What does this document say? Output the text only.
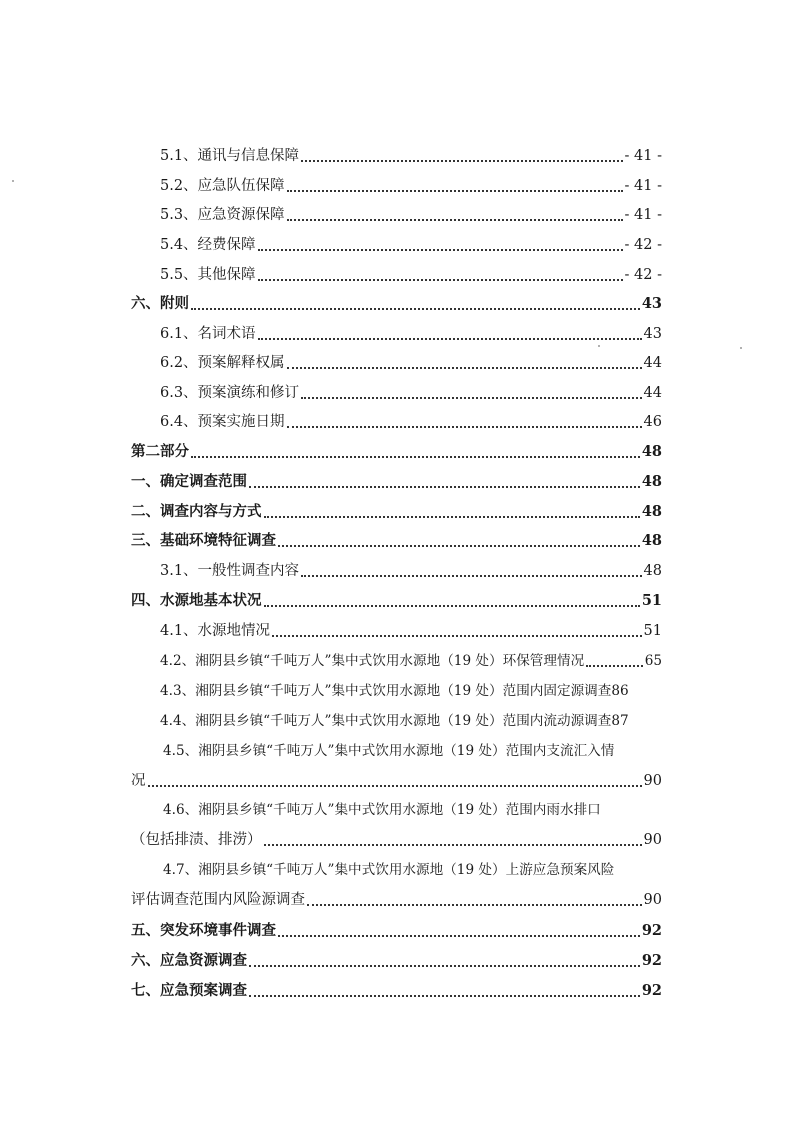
5.1、通讯与信息保障	- 41 -
5.2、应急队伍保障	- 41 -
5.3、应急资源保障	- 41 -
5.4、经费保障	- 42 -
5.5、其他保障	- 42 -
六、附则	43
6.1、名词术语	43
6.2、预案解释权属	44
6.3、预案演练和修订	44
6.4、预案实施日期	46
第二部分	48
一、确定调查范围	48
二、调查内容与方式	48
三、基础环境特征调查	48
3.1、一般性调查内容	48
四、水源地基本状况	51
4.1、水源地情况	51
4.2、湘阴县乡镇“千吨万人”集中式饮用水源地（19 处）环保管理情况	65
4.3、湘阴县乡镇“千吨万人”集中式饮用水源地（19 处）范围内固定源调查 86
4.4、湘阴县乡镇“千吨万人”集中式饮用水源地（19 处）范围内流动源调查 87
4.5、湘阴县乡镇“千吨万人”集中式饮用水源地（19 处）范围内支流汇入情
况	90
4.6、湘阴县乡镇“千吨万人”集中式饮用水源地（19 处）范围内雨水排口
（包括排渍、排涝）	90
4.7、湘阴县乡镇“千吨万人”集中式饮用水源地（19 处）上游应急预案风险
评估调查范围内风险源调查	90
五、突发环境事件调查	92
六、应急资源调查	92
七、应急预案调查	92
